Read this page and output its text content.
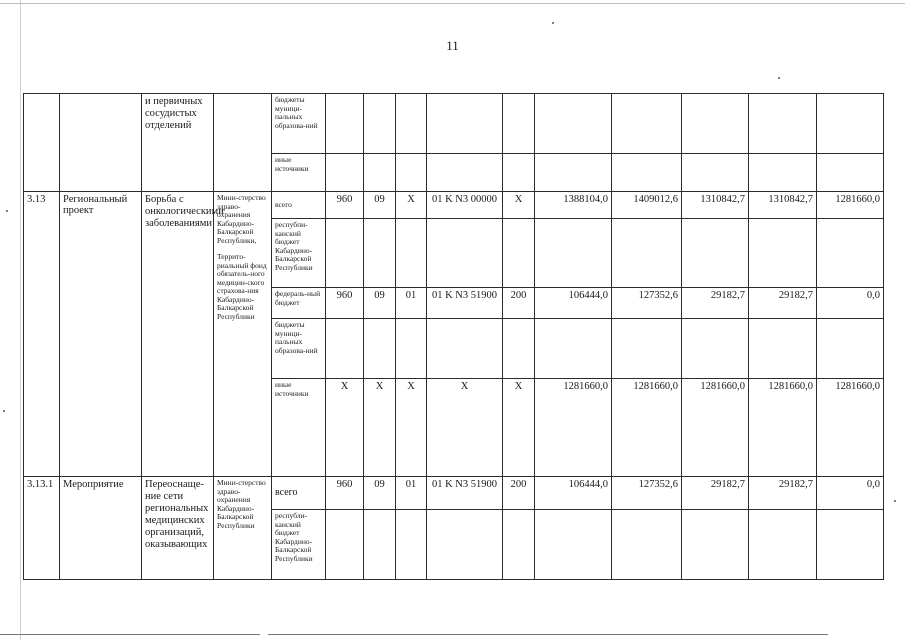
11
		и первичных сосудистых отделений		бюджеты муници-пальных образова-ний										
				иные источники										
3.13	Региональный проект	Борьба с онкологическими заболеваниями	Мини-стерство здраво-охранения Кабардино-Балкарской Республики,
Террито-риальный фонд обязатель-ного медицин-ского страхова-ния Кабардино-Балкарской Республики	всего	960	09	X	01 K N3 00000	X	1388104,0	1409012,6	1310842,7	1310842,7	1281660,0
				респубпи-канский бюджет Кабардино-Балкарской Республики										
				федераль-ный бюджет	960	09	01	01 K N3 51900	200	106444,0	127352,6	29182,7	29182,7	0,0
				бюджеты муници-пальных образова-ний										
				иные источники	X	X	X	X	X	1281660,0	1281660,0	1281660,0	1281660,0	1281660,0
3.13.1	Мероприятие	Переоснаще-ние сети региональных медицинских организаций, оказывающих	Мини-стерство здраво-охранения Кабардино-Балкарской Республики	всего	960	09	01	01 K N3 51900	200	106444,0	127352,6	29182,7	29182,7	0,0
				республи-канский бюджет Кабардино-Балкарской Республики										
